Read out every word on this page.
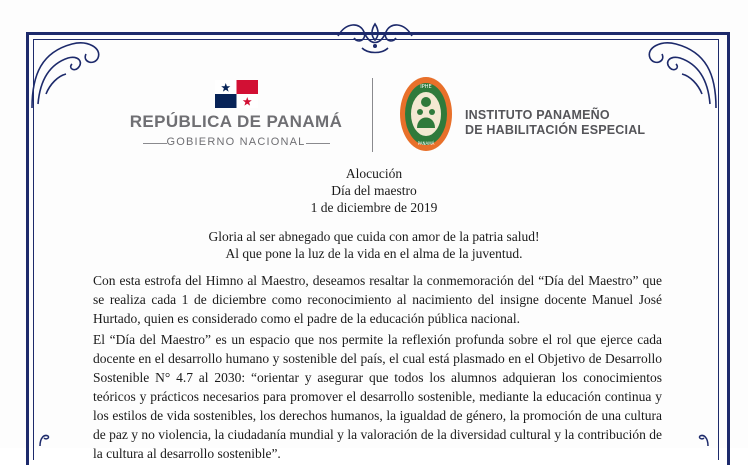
REPÚBLICA DE PANAMÁ
GOBIERNO NACIONAL
IPHE
PANAMÁ
INSTITUTO PANAMEÑO
DE HABILITACIÓN ESPECIAL
Alocución
Día del maestro
1 de diciembre de 2019
Gloria al ser abnegado que cuida con amor de la patria salud!
Al que pone la luz de la vida en el alma de la juventud.

Con esta estrofa del Himno al Maestro, deseamos resaltar la conmemoración del “Día del Maestro” que se realiza cada 1 de diciembre como reconocimiento al nacimiento del insigne docente Manuel José Hurtado, quien es considerado como el padre de la educación pública nacional.

El “Día del Maestro” es un espacio que nos permite la reflexión profunda sobre el rol que ejerce cada docente en el desarrollo humano y sostenible del país, el cual está plasmado en el Objetivo de Desarrollo Sostenible N° 4.7 al 2030: “orientar y asegurar que todos los alumnos adquieran los conocimientos teóricos y prácticos necesarios para promover el desarrollo sostenible, mediante la educación continua y los estilos de vida sostenibles, los derechos humanos, la igualdad de género, la promoción de una cultura de paz y no violencia, la ciudadanía mundial y la valoración de la diversidad cultural y la contribución de la cultura al desarrollo sostenible”.
